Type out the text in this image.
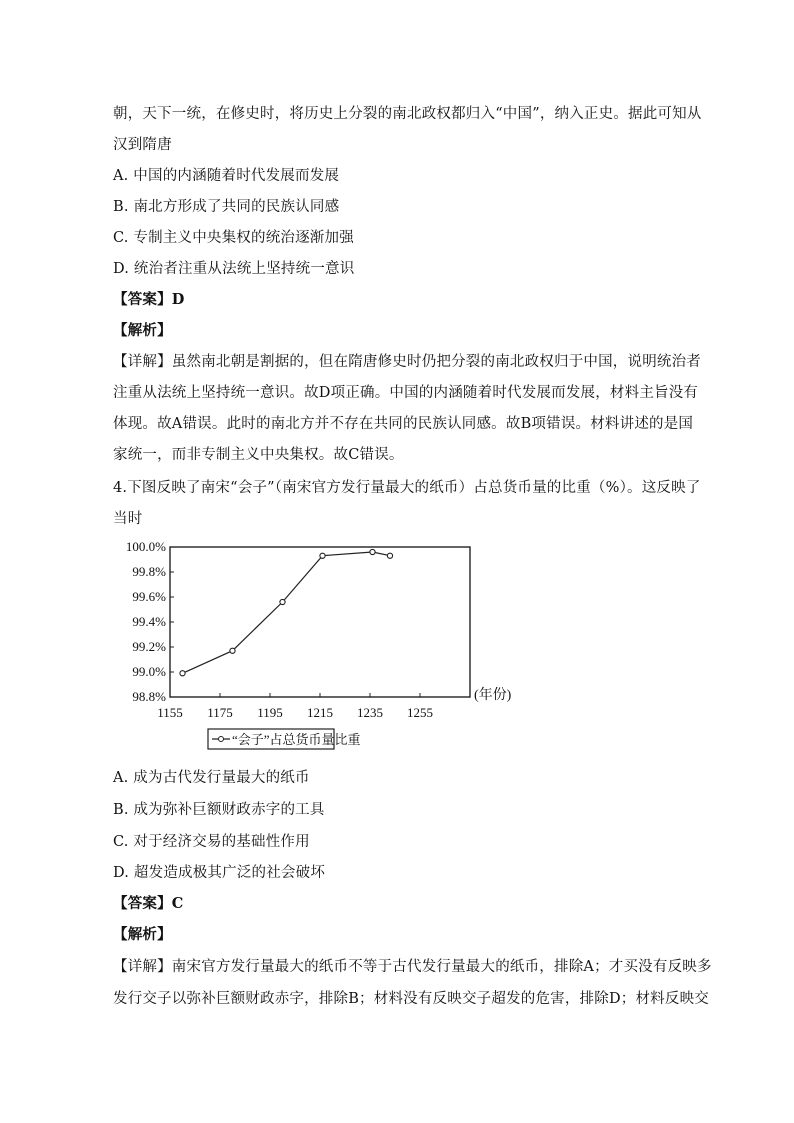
朝，天下一统，在修史时，将历史上分裂的南北政权都归入“中国”，纳入正史。据此可知从
汉到隋唐
A. 中国的内涵随着时代发展而发展
B. 南北方形成了共同的民族认同感
C. 专制主义中央集权的统治逐渐加强
D. 统治者注重从法统上坚持统一意识
【答案】D
【解析】
【详解】虽然南北朝是割据的，但在隋唐修史时仍把分裂的南北政权归于中国，说明统治者
注重从法统上坚持统一意识。故D项正确。中国的内涵随着时代发展而发展，材料主旨没有
体现。故A错误。此时的南北方并不存在共同的民族认同感。故B项错误。材料讲述的是国
家统一，而非专制主义中央集权。故C错误。
4.下图反映了南宋“会子”（南宋官方发行量最大的纸币）占总货币量的比重（%）。这反映了
当时
100.0%
99.8%
99.6%
99.4%
99.2%
99.0%
98.8%
1155 1175 1195 1215 1235 1255
(年份)
“会子”占总货币量比重
A. 成为古代发行量最大的纸币
B. 成为弥补巨额财政赤字的工具
C. 对于经济交易的基础性作用
D. 超发造成极其广泛的社会破坏
【答案】C
【解析】
【详解】南宋官方发行量最大的纸币不等于古代发行量最大的纸币，排除A；才买没有反映多
发行交子以弥补巨额财政赤字，排除B；材料没有反映交子超发的危害，排除D；材料反映交
